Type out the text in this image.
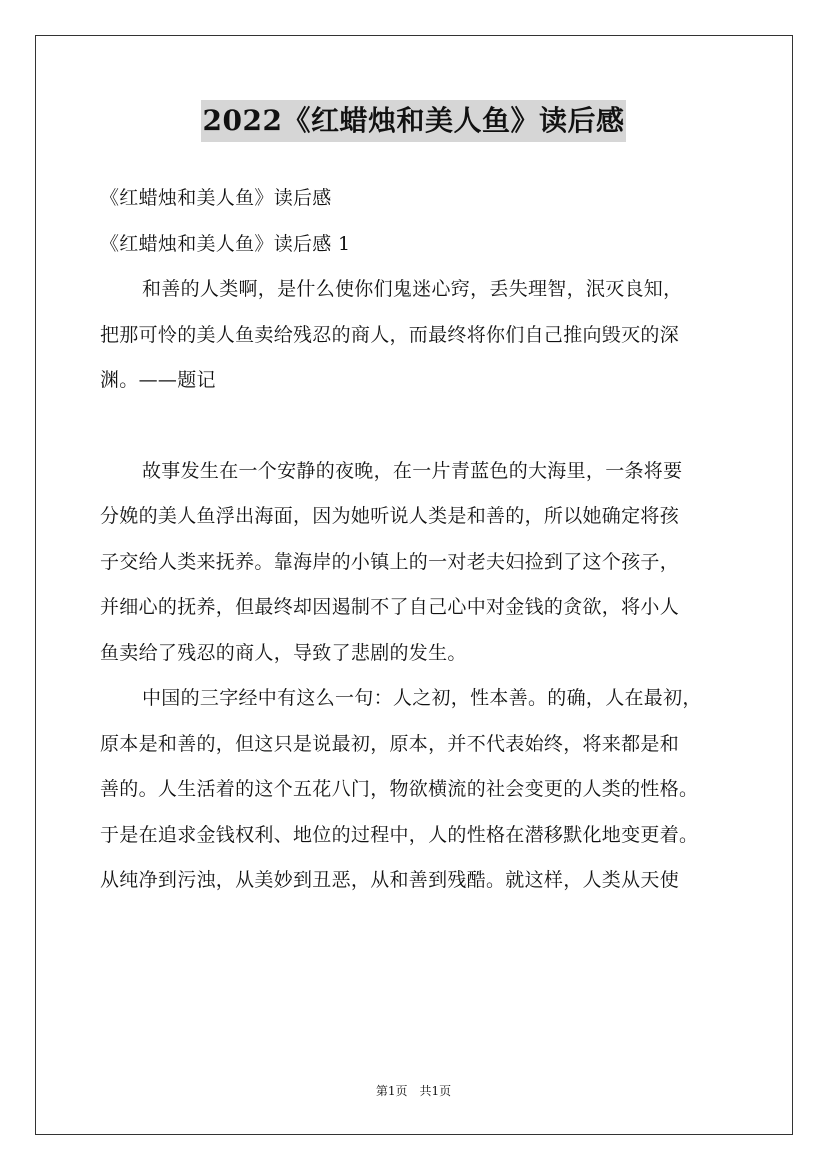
2022《红蜡烛和美人鱼》读后感
《红蜡烛和美人鱼》读后感
《红蜡烛和美人鱼》读后感 1
和善的人类啊，是什么使你们鬼迷心窍，丢失理智，泯灭良知，
把那可怜的美人鱼卖给残忍的商人，而最终将你们自己推向毁灭的深
渊。——题记
故事发生在一个安静的夜晚，在一片青蓝色的大海里，一条将要
分娩的美人鱼浮出海面，因为她听说人类是和善的，所以她确定将孩
子交给人类来抚养。靠海岸的小镇上的一对老夫妇捡到了这个孩子，
并细心的抚养，但最终却因遏制不了自己心中对金钱的贪欲，将小人
鱼卖给了残忍的商人，导致了悲剧的发生。
中国的三字经中有这么一句：人之初，性本善。的确，人在最初，
原本是和善的，但这只是说最初，原本，并不代表始终，将来都是和
善的。人生活着的这个五花八门，物欲横流的社会变更的人类的性格。
于是在追求金钱权利、地位的过程中，人的性格在潜移默化地变更着。
从纯净到污浊，从美妙到丑恶，从和善到残酷。就这样，人类从天使
第1页　共1页
